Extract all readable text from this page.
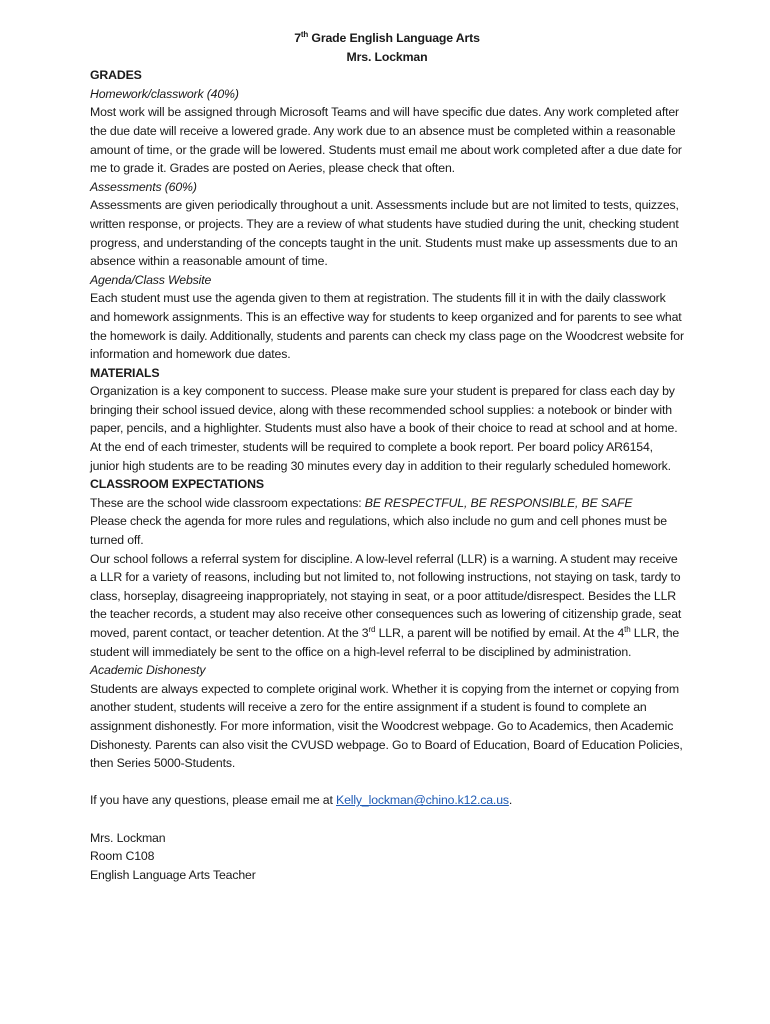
7th Grade English Language Arts
Mrs. Lockman
GRADES
Homework/classwork (40%)

Most work will be assigned through Microsoft Teams and will have specific due dates. Any work completed after the due date will receive a lowered grade. Any work due to an absence must be completed within a reasonable amount of time, or the grade will be lowered. Students must email me about work completed after a due date for me to grade it. Grades are posted on Aeries, please check that often.

Assessments (60%)

Assessments are given periodically throughout a unit. Assessments include but are not limited to tests, quizzes, written response, or projects. They are a review of what students have studied during the unit, checking student progress, and understanding of the concepts taught in the unit. Students must make up assessments due to an absence within a reasonable amount of time.

Agenda/Class Website

Each student must use the agenda given to them at registration. The students fill it in with the daily classwork and homework assignments. This is an effective way for students to keep organized and for parents to see what the homework is daily. Additionally, students and parents can check my class page on the Woodcrest website for information and homework due dates.

MATERIALS

Organization is a key component to success. Please make sure your student is prepared for class each day by bringing their school issued device, along with these recommended school supplies: a notebook or binder with paper, pencils, and a highlighter. Students must also have a book of their choice to read at school and at home. At the end of each trimester, students will be required to complete a book report. Per board policy AR6154, junior high students are to be reading 30 minutes every day in addition to their regularly scheduled homework.

CLASSROOM EXPECTATIONS

These are the school wide classroom expectations: BE RESPECTFUL, BE RESPONSIBLE, BE SAFE

Please check the agenda for more rules and regulations, which also include no gum and cell phones must be turned off.

Our school follows a referral system for discipline. A low-level referral (LLR) is a warning. A student may receive a LLR for a variety of reasons, including but not limited to, not following instructions, not staying on task, tardy to class, horseplay, disagreeing inappropriately, not staying in seat, or a poor attitude/disrespect. Besides the LLR the teacher records, a student may also receive other consequences such as lowering of citizenship grade, seat moved, parent contact, or teacher detention. At the 3rd LLR, a parent will be notified by email. At the 4th LLR, the student will immediately be sent to the office on a high-level referral to be disciplined by administration.

Academic Dishonesty

Students are always expected to complete original work. Whether it is copying from the internet or copying from another student, students will receive a zero for the entire assignment if a student is found to complete an assignment dishonestly. For more information, visit the Woodcrest webpage. Go to Academics, then Academic Dishonesty. Parents can also visit the CVUSD webpage. Go to Board of Education, Board of Education Policies, then Series 5000-Students.

If you have any questions, please email me at Kelly_lockman@chino.k12.ca.us.

Mrs. Lockman
Room C108
English Language Arts Teacher
